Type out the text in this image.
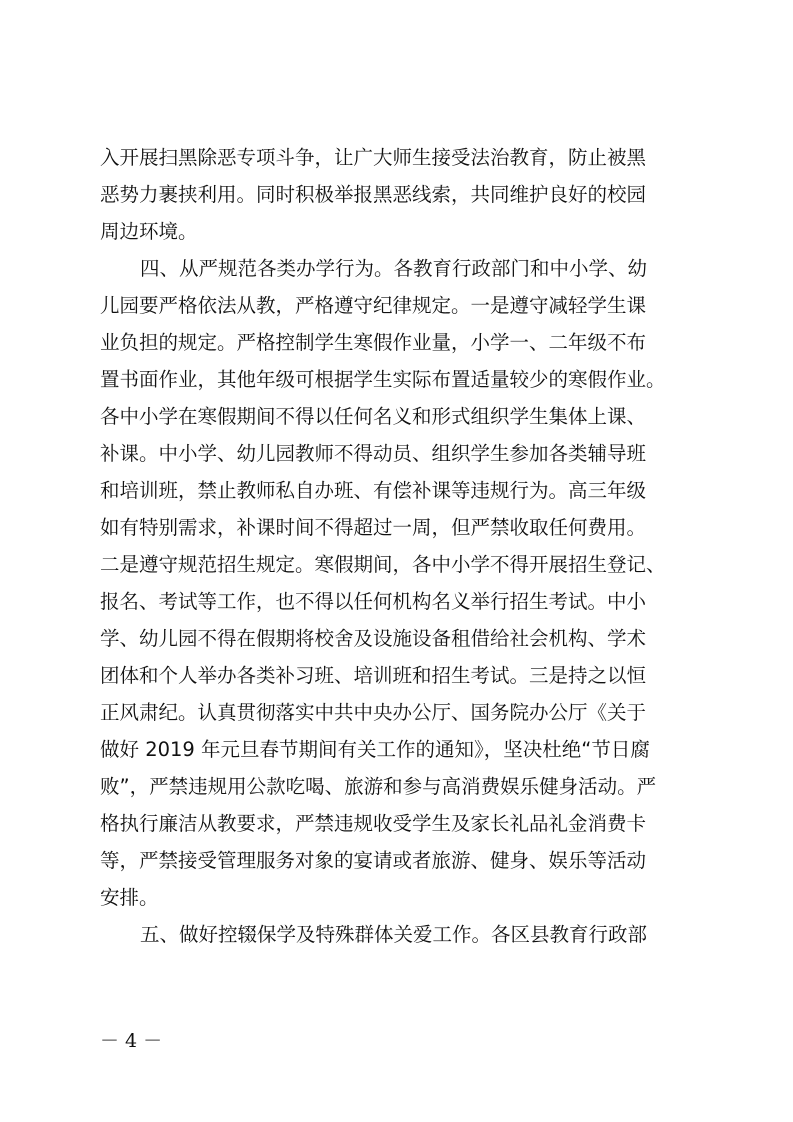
入开展扫黑除恶专项斗争，让广大师生接受法治教育，防止被黑
恶势力裹挟利用。同时积极举报黑恶线索，共同维护良好的校园
周边环境。

四、从严规范各类办学行为。各教育行政部门和中小学、幼
儿园要严格依法从教，严格遵守纪律规定。一是遵守减轻学生课
业负担的规定。严格控制学生寒假作业量，小学一、二年级不布
置书面作业，其他年级可根据学生实际布置适量较少的寒假作业。
各中小学在寒假期间不得以任何名义和形式组织学生集体上课、
补课。中小学、幼儿园教师不得动员、组织学生参加各类辅导班
和培训班，禁止教师私自办班、有偿补课等违规行为。高三年级
如有特别需求，补课时间不得超过一周，但严禁收取任何费用。
二是遵守规范招生规定。寒假期间，各中小学不得开展招生登记、
报名、考试等工作，也不得以任何机构名义举行招生考试。中小
学、幼儿园不得在假期将校舍及设施设备租借给社会机构、学术
团体和个人举办各类补习班、培训班和招生考试。三是持之以恒
正风肃纪。认真贯彻落实中共中央办公厅、国务院办公厅《关于
做好 2019 年元旦春节期间有关工作的通知》，坚决杜绝“节日腐
败”，严禁违规用公款吃喝、旅游和参与高消费娱乐健身活动。严
格执行廉洁从教要求，严禁违规收受学生及家长礼品礼金消费卡
等，严禁接受管理服务对象的宴请或者旅游、健身、娱乐等活动
安排。

五、做好控辍保学及特殊群体关爱工作。各区县教育行政部

－ 4 －
